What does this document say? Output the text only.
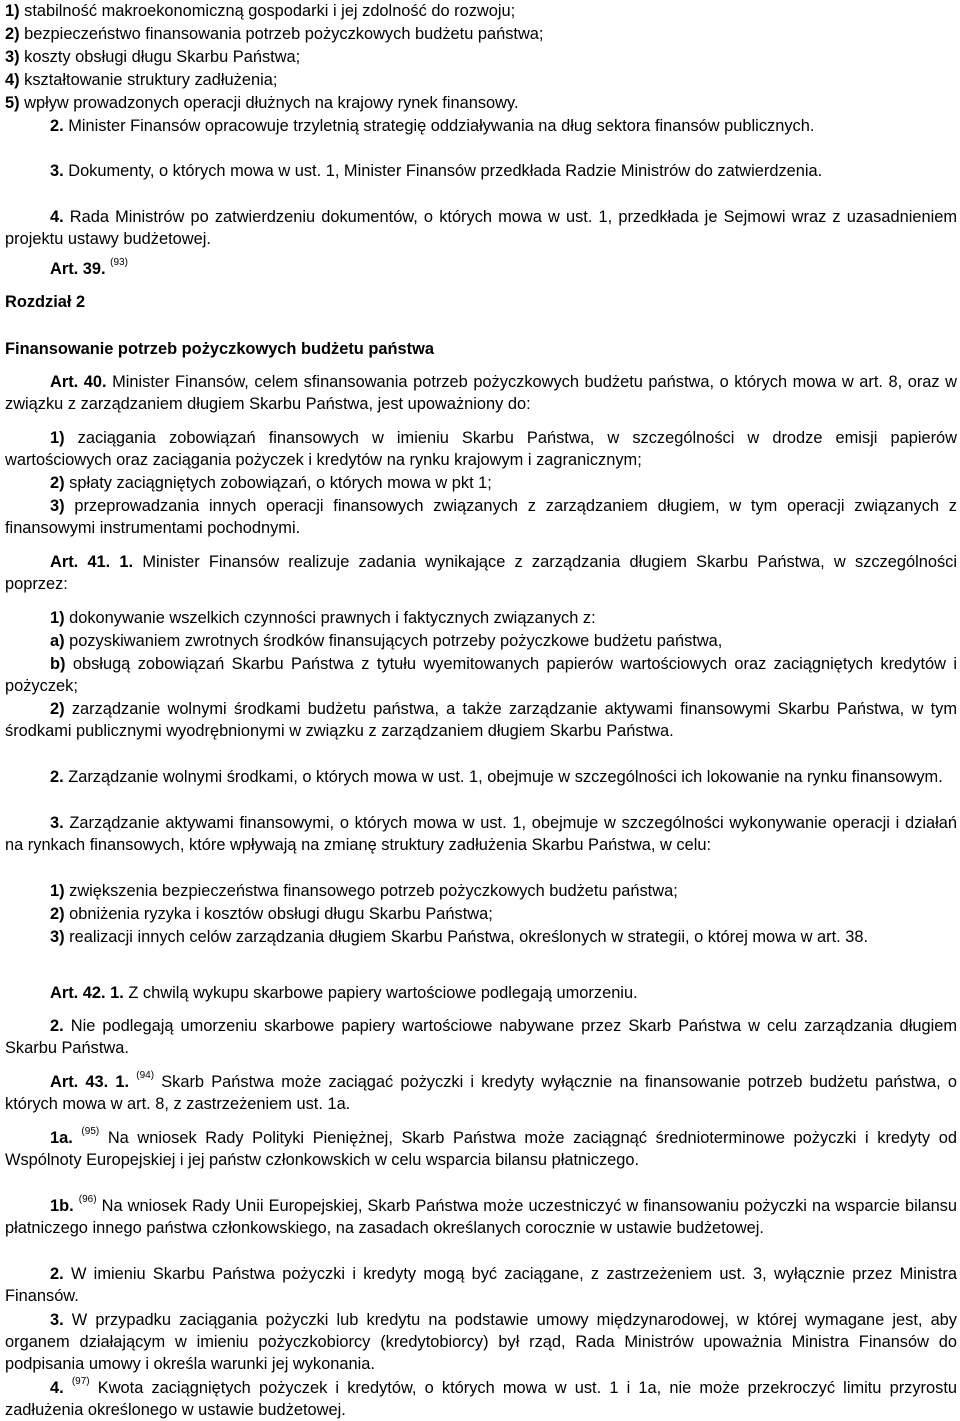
1) stabilność makroekonomiczną gospodarki i jej zdolność do rozwoju;
2) bezpieczeństwo finansowania potrzeb pożyczkowych budżetu państwa;
3) koszty obsługi długu Skarbu Państwa;
4) kształtowanie struktury zadłużenia;
5) wpływ prowadzonych operacji dłużnych na krajowy rynek finansowy.
2. Minister Finansów opracowuje trzyletnią strategię oddziaływania na dług sektora finansów publicznych.
3. Dokumenty, o których mowa w ust. 1, Minister Finansów przedkłada Radzie Ministrów do zatwierdzenia.
4. Rada Ministrów po zatwierdzeniu dokumentów, o których mowa w ust. 1, przedkłada je Sejmowi wraz z uzasadnieniem projektu ustawy budżetowej.
Art. 39. $^{(93)}$
Rozdział 2
Finansowanie potrzeb pożyczkowych budżetu państwa
Art. 40. Minister Finansów, celem sfinansowania potrzeb pożyczkowych budżetu państwa, o których mowa w art. 8, oraz w związku z zarządzaniem długiem Skarbu Państwa, jest upoważniony do:
1) zaciągania zobowiązań finansowych w imieniu Skarbu Państwa, w szczególności w drodze emisji papierów wartościowych oraz zaciągania pożyczek i kredytów na rynku krajowym i zagranicznym;
2) spłaty zaciągniętych zobowiązań, o których mowa w pkt 1;
3) przeprowadzania innych operacji finansowych związanych z zarządzaniem długiem, w tym operacji związanych z finansowymi instrumentami pochodnymi.
Art. 41. 1. Minister Finansów realizuje zadania wynikające z zarządzania długiem Skarbu Państwa, w szczególności poprzez:
1) dokonywanie wszelkich czynności prawnych i faktycznych związanych z:
a) pozyskiwaniem zwrotnych środków finansujących potrzeby pożyczkowe budżetu państwa,
b) obsługą zobowiązań Skarbu Państwa z tytułu wyemitowanych papierów wartościowych oraz zaciągniętych kredytów i pożyczek;
2) zarządzanie wolnymi środkami budżetu państwa, a także zarządzanie aktywami finansowymi Skarbu Państwa, w tym środkami publicznymi wyodrębnionymi w związku z zarządzaniem długiem Skarbu Państwa.
2. Zarządzanie wolnymi środkami, o których mowa w ust. 1, obejmuje w szczególności ich lokowanie na rynku finansowym.
3. Zarządzanie aktywami finansowymi, o których mowa w ust. 1, obejmuje w szczególności wykonywanie operacji i działań na rynkach finansowych, które wpływają na zmianę struktury zadłużenia Skarbu Państwa, w celu:
1) zwiększenia bezpieczeństwa finansowego potrzeb pożyczkowych budżetu państwa;
2) obniżenia ryzyka i kosztów obsługi długu Skarbu Państwa;
3) realizacji innych celów zarządzania długiem Skarbu Państwa, określonych w strategii, o której mowa w art. 38.
Art. 42. 1. Z chwilą wykupu skarbowe papiery wartościowe podlegają umorzeniu.
2. Nie podlegają umorzeniu skarbowe papiery wartościowe nabywane przez Skarb Państwa w celu zarządzania długiem Skarbu Państwa.
Art. 43. 1. $^{(94)}$ Skarb Państwa może zaciągać pożyczki i kredyty wyłącznie na finansowanie potrzeb budżetu państwa, o których mowa w art. 8, z zastrzeżeniem ust. 1a.
1a. $^{(95)}$ Na wniosek Rady Polityki Pieniężnej, Skarb Państwa może zaciągnąć średnioterminowe pożyczki i kredyty od Wspólnoty Europejskiej i jej państw członkowskich w celu wsparcia bilansu płatniczego.
1b. $^{(96)}$ Na wniosek Rady Unii Europejskiej, Skarb Państwa może uczestniczyć w finansowaniu pożyczki na wsparcie bilansu płatniczego innego państwa członkowskiego, na zasadach określanych corocznie w ustawie budżetowej.
2. W imieniu Skarbu Państwa pożyczki i kredyty mogą być zaciągane, z zastrzeżeniem ust. 3, wyłącznie przez Ministra Finansów.
3. W przypadku zaciągania pożyczki lub kredytu na podstawie umowy międzynarodowej, w której wymagane jest, aby organem działającym w imieniu pożyczkobiorcy (kredytobiorcy) był rząd, Rada Ministrów upoważnia Ministra Finansów do podpisania umowy i określa warunki jej wykonania.
4. $^{(97)}$ Kwota zaciągniętych pożyczek i kredytów, o których mowa w ust. 1 i 1a, nie może przekroczyć limitu przyrostu zadłużenia określonego w ustawie budżetowej.
